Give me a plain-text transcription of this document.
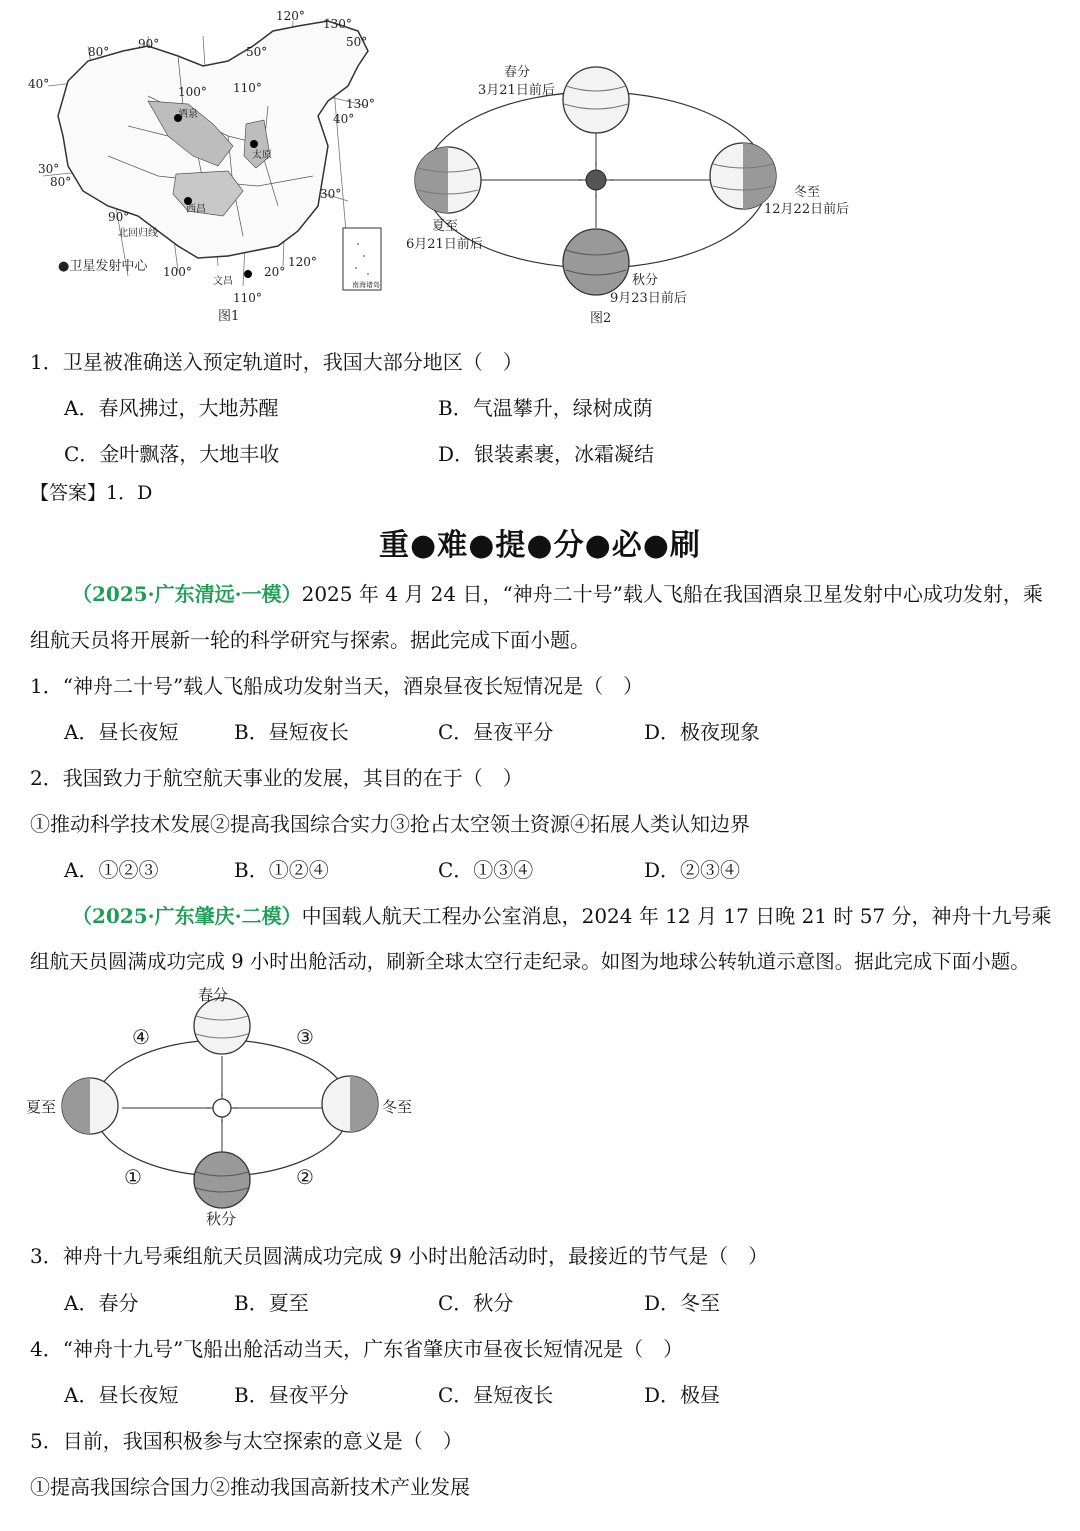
南海诸岛
酒泉
太原
西昌
文昌
北回归线
120°
130°
50°
50°
80°
90°
40°
100° 110°
130°
40°
30°
80°
30°
90°
100°
120°
20°
110°
●卫星发射中心
图1
春分
3月21日前后
夏至
6月21日前后
秋分
9月23日前后
冬至
12月22日前后
图2
1．卫星被准确送入预定轨道时，我国大部分地区（　）
A．春风拂过，大地苏醒	B．气温攀升，绿树成荫
C．金叶飘落，大地丰收	D．银装素裹，冰霜凝结
【答案】1．D
重●难●提●分●必●刷
（2025·广东清远·一模）2025 年 4 月 24 日，“神舟二十号”载人飞船在我国酒泉卫星发射中心成功发射，乘
组航天员将开展新一轮的科学研究与探索。据此完成下面小题。
1．“神舟二十号”载人飞船成功发射当天，酒泉昼夜长短情况是（　）
A．昼长夜短	B．昼短夜长	C．昼夜平分	D．极夜现象
2．我国致力于航空航天事业的发展，其目的在于（　）
①推动科学技术发展②提高我国综合实力③抢占太空领土资源④拓展人类认知边界
A．①②③	B．①②④	C．①③④	D．②③④
（2025·广东肇庆·二模）中国载人航天工程办公室消息，2024 年 12 月 17 日晚 21 时 57 分，神舟十九号乘
组航天员圆满成功完成 9 小时出舱活动，刷新全球太空行走纪录。如图为地球公转轨道示意图。据此完成下面小题。
春分
夏至
秋分
冬至
①	②
③
④
3．神舟十九号乘组航天员圆满成功完成 9 小时出舱活动时，最接近的节气是（　）
A．春分	B．夏至	C．秋分	D．冬至
4．“神舟十九号”飞船出舱活动当天，广东省肇庆市昼夜长短情况是（　）
A．昼长夜短	B．昼夜平分	C．昼短夜长	D．极昼
5．目前，我国积极参与太空探索的意义是（　）
①提高我国综合国力②推动我国高新技术产业发展
